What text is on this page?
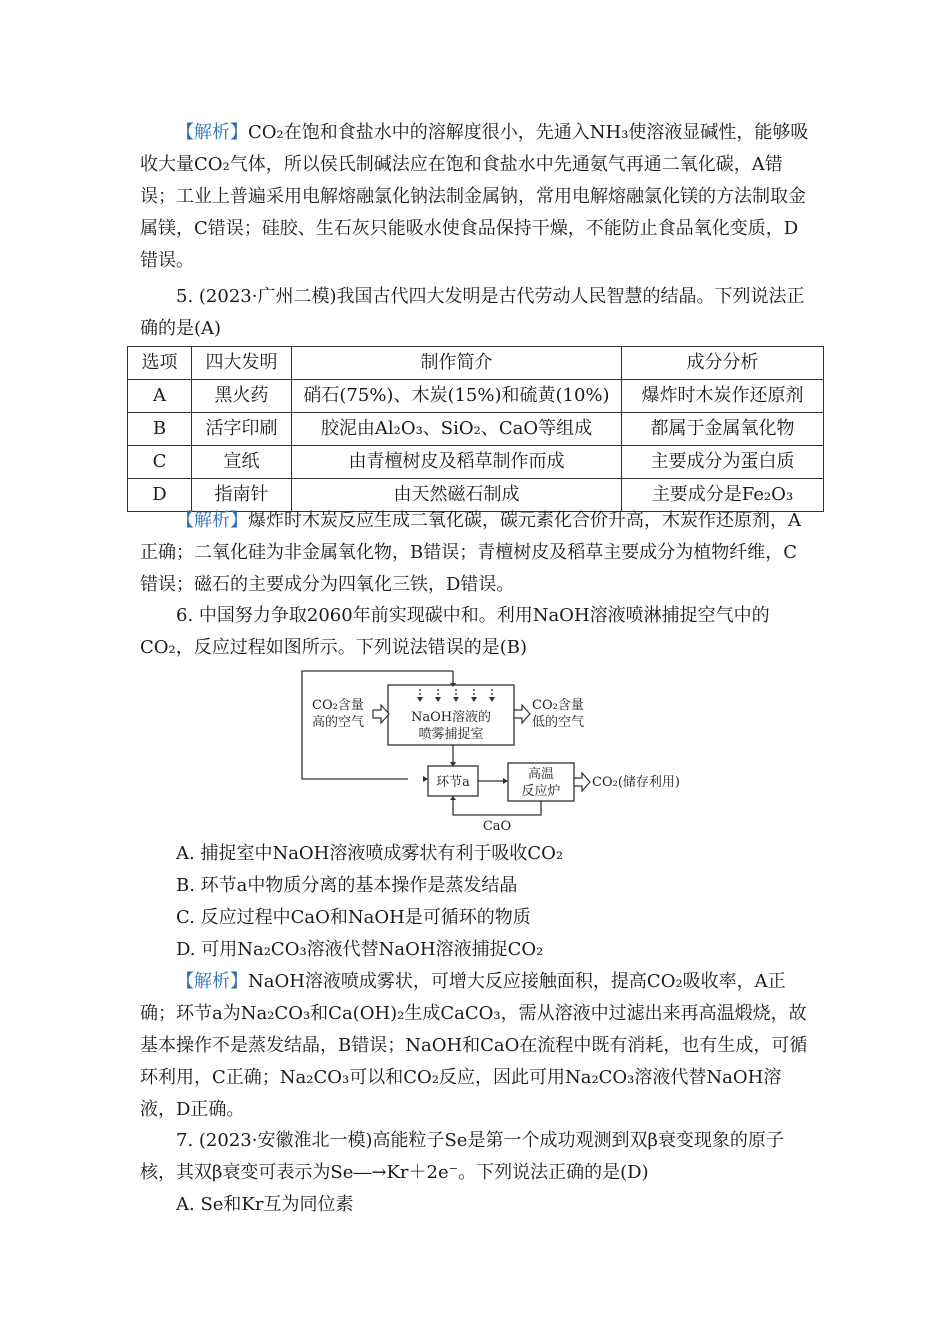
【解析】CO₂在饱和食盐水中的溶解度很小，先通入NH₃使溶液显碱性，能够吸收大量CO₂气体，所以侯氏制碱法应在饱和食盐水中先通氨气再通二氧化碳，A错误；工业上普遍采用电解熔融氯化钠法制金属钠，常用电解熔融氯化镁的方法制取金属镁，C错误；硅胶、生石灰只能吸水使食品保持干燥，不能防止食品氧化变质，D错误。
5. (2023·广州二模)我国古代四大发明是古代劳动人民智慧的结晶。下列说法正确的是(A)
选项	四大发明	制作简介	成分分析
A	黑火药	硝石(75%)、木炭(15%)和硫黄(10%)	爆炸时木炭作还原剂
B	活字印刷	胶泥由Al₂O₃、SiO₂、CaO等组成	都属于金属氧化物
C	宣纸	由青檀树皮及稻草制作而成	主要成分为蛋白质
D	指南针	由天然磁石制成	主要成分是Fe₂O₃
【解析】爆炸时木炭反应生成二氧化碳，碳元素化合价升高，木炭作还原剂，A正确；二氧化硅为非金属氧化物，B错误；青檀树皮及稻草主要成分为植物纤维，C错误；磁石的主要成分为四氧化三铁，D错误。
6. 中国努力争取2060年前实现碳中和。利用NaOH溶液喷淋捕捉空气中的CO₂，反应过程如图所示。下列说法错误的是(B)
CO₂含量
高的空气	NaOH溶液的
喷雾捕捉室
CO₂含量
低的空气
环节a
高温
反应炉
CO₂(储存利用)
CaO
A. 捕捉室中NaOH溶液喷成雾状有利于吸收CO₂
B. 环节a中物质分离的基本操作是蒸发结晶
C. 反应过程中CaO和NaOH是可循环的物质
D. 可用Na₂CO₃溶液代替NaOH溶液捕捉CO₂
【解析】NaOH溶液喷成雾状，可增大反应接触面积，提高CO₂吸收率，A正确；环节a为Na₂CO₃和Ca(OH)₂生成CaCO₃，需从溶液中过滤出来再高温煅烧，故基本操作不是蒸发结晶，B错误；NaOH和CaO在流程中既有消耗，也有生成，可循环利用，C正确；Na₂CO₃可以和CO₂反应，因此可用Na₂CO₃溶液代替NaOH溶液，D正确。
7. (2023·安徽淮北一模)高能粒子Se是第一个成功观测到双β衰变现象的原子核，其双β衰变可表示为Se―→Kr＋2e⁻。下列说法正确的是(D)
A. Se和Kr互为同位素
